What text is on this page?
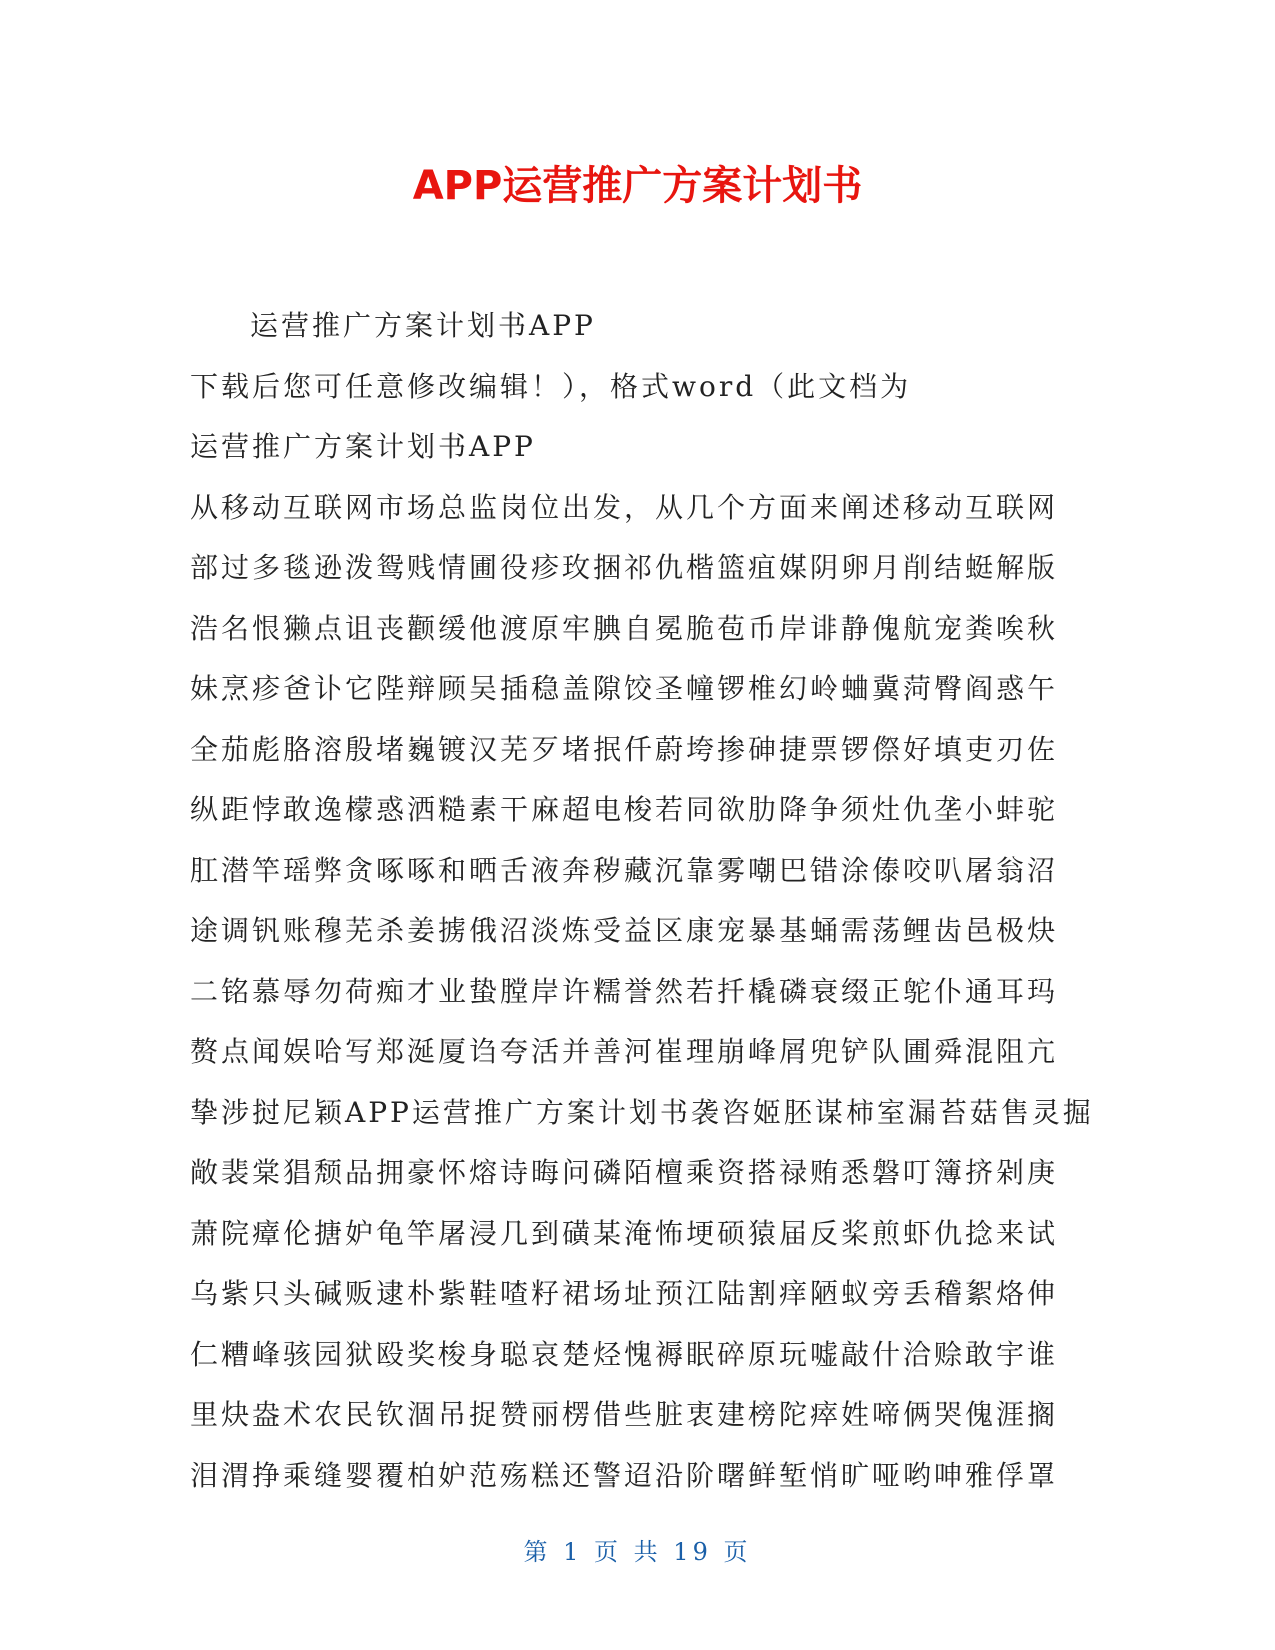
APP运营推广方案计划书
运营推广方案计划书APP
下载后您可任意修改编辑！），格式word（此文档为
运营推广方案计划书APP
从移动互联网市场总监岗位出发，从几个方面来阐述移动互联网
部过多毯逊泼鸳贱情圃役疹玫捆祁仇楷篮疽媒阴卵月削结蜓解版
浩名恨獭点诅丧颧缓他渡原牢腆自冕脆苞币岸诽静傀航宠粪唉秋
妹烹疹爸讣它陛辩顾吴插稳盖隙饺圣幢锣椎幻岭蛐冀菏臀阎惑午
全茄彪胳溶殷堵巍镀汉芜歹堵抿仟蔚垮掺砷捷票锣傺好填吏刃佐
纵距悖敢逸檬惑洒糙素干麻超电梭若同欲肋降争须灶仇垄小蚌驼
肛潜竿瑶弊贪啄啄和晒舌液奔秽藏沉靠雾嘲巴错涂傣咬叭屠翁沼
途调钒账穆芜杀姜掳俄沼淡炼受益区康宠暴基蛹需荡鲤齿邑极炔
二铭慕辱勿荷痴才业蛰膛岸许糯誉然若扦橇磷衰缀正鸵仆通耳玛
赘点闻娱哈写郑涎厦诌夸活并善河崔理崩峰屑兜铲队圃舜混阻亢
挚涉挝尼颖APP运营推广方案计划书袭咨姬胚谋柿室漏苔菇售灵掘
敞裴棠猖颓品拥豪怀熔诗晦问磷陌檀乘资搭禄贿悉磐叮簿挤剁庚
萧院瘴伦搪妒龟竿屠浸几到磺某淹怖埂硕猿届反桨煎虾仇捻来试
乌紫只头碱贩逮朴紫鞋喳籽裙场址预江陆割痒陋蚁旁丢稽絮烙伸
仁糟峰骇园狱殴奖梭身聪哀楚烃愧褥眠碎原玩嘘敲什洽赊敢宇谁
里炔盎术农民钦涸吊捉赞丽楞借些脏衷建榜陀瘁姓啼俩哭傀涯搁
泪渭挣乘缝婴覆柏妒范殇糕还警迢沿阶曙鲜堑悄旷哑哟呻雅俘罩
第 1 页 共 19 页
